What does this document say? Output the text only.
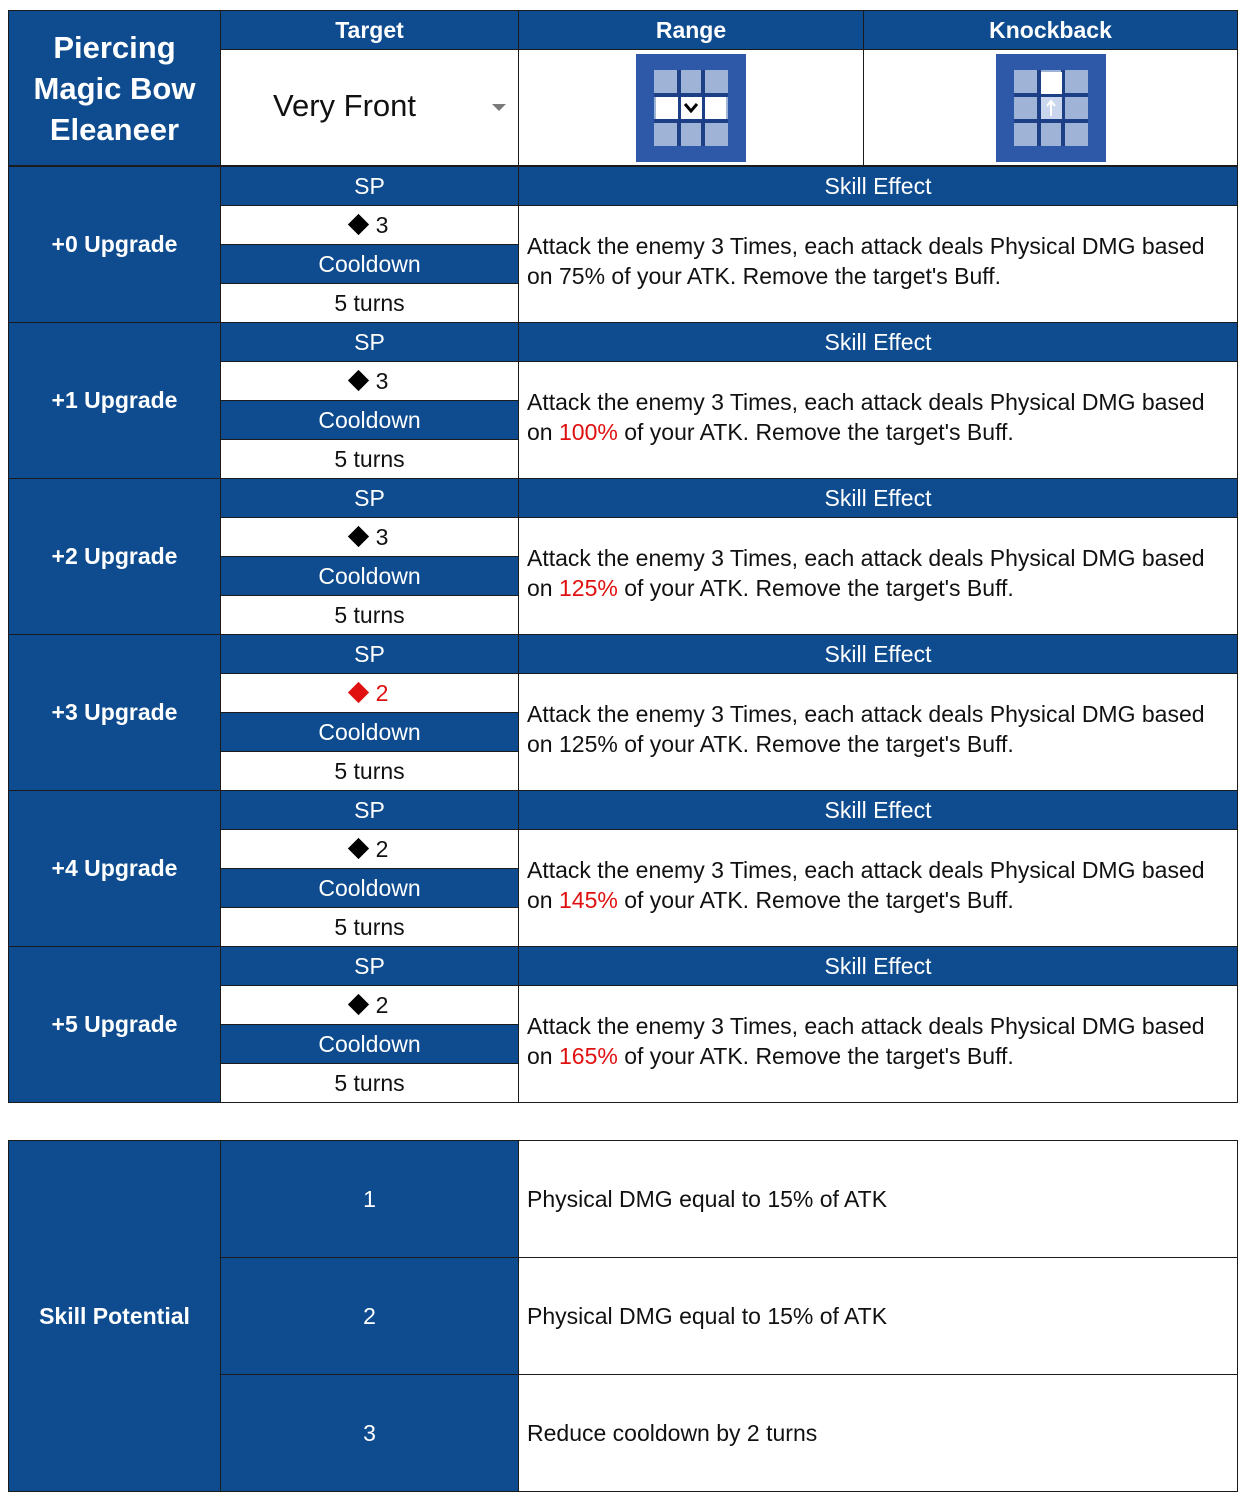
Piercing
Magic Bow
Eleaneer	Target	Range	Knockback

	Very Front

+0 Upgrade	SP	Skill Effect
	3	Attack the enemy 3 Times, each attack deals Physical DMG based on 75% of your ATK. Remove the target's Buff.
	Cooldown	
	5 turns	
+1 Upgrade	SP	Skill Effect
	3	Attack the enemy 3 Times, each attack deals Physical DMG based on 100% of your ATK. Remove the target's Buff.
	Cooldown	
	5 turns	
+2 Upgrade	SP	Skill Effect
	3	Attack the enemy 3 Times, each attack deals Physical DMG based on 125% of your ATK. Remove the target's Buff.
	Cooldown	
	5 turns	
+3 Upgrade	SP	Skill Effect
	2	Attack the enemy 3 Times, each attack deals Physical DMG based on 125% of your ATK. Remove the target's Buff.
	Cooldown	
	5 turns	
+4 Upgrade	SP	Skill Effect
	2	Attack the enemy 3 Times, each attack deals Physical DMG based on 145% of your ATK. Remove the target's Buff.
	Cooldown	
	5 turns	
+5 Upgrade	SP	Skill Effect
	2	Attack the enemy 3 Times, each attack deals Physical DMG based on 165% of your ATK. Remove the target's Buff.
	Cooldown	
	5 turns	
Skill Potential	1	Physical DMG equal to 15% of ATK
	2	Physical DMG equal to 15% of ATK
	3	Reduce cooldown by 2 turns
